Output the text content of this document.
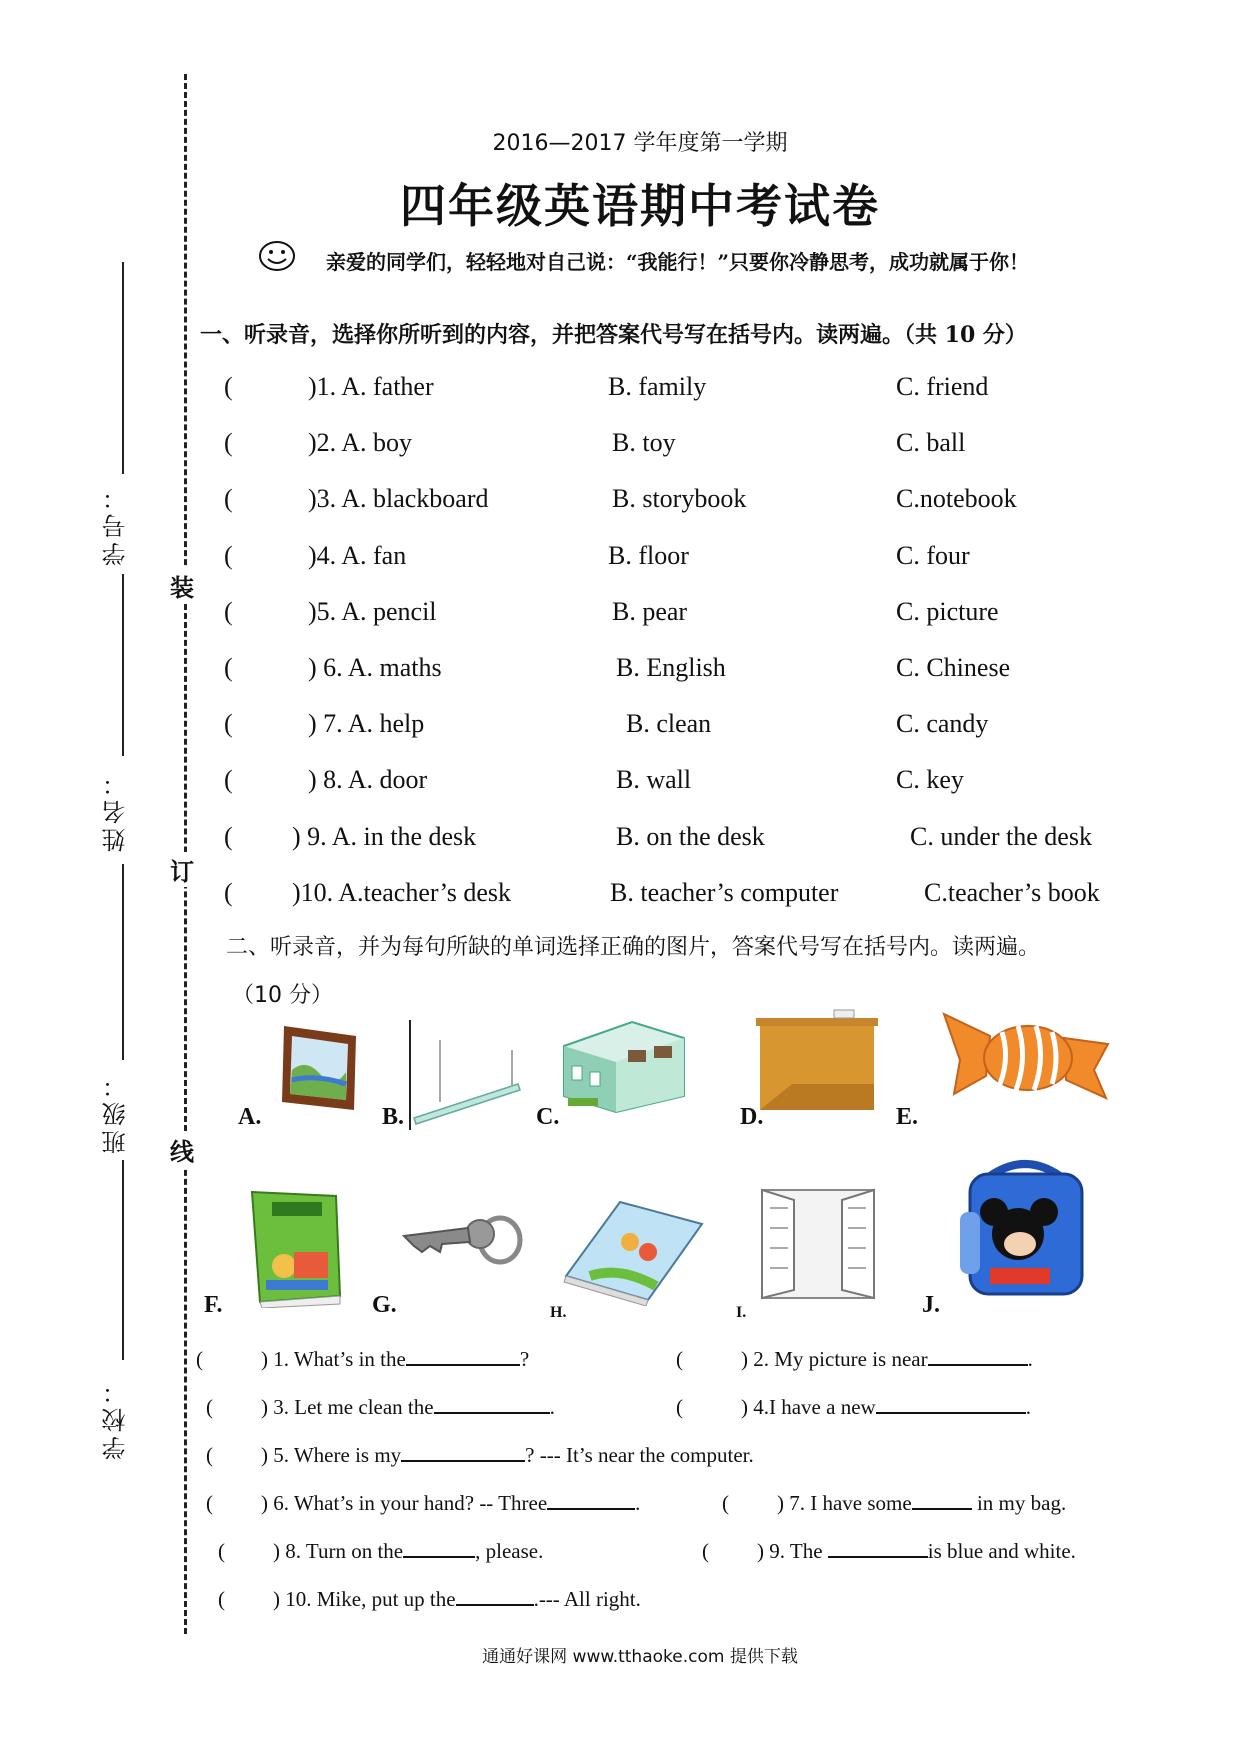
装
订
线
学号：
姓名：
班级：
学校：
2016—2017 学年度第一学期
四年级英语期中考试卷
亲爱的同学们，轻轻地对自己说：“我能行！”只要你冷静思考，成功就属于你！
一、听录音，选择你所听到的内容，并把答案代号写在括号内。读两遍。（共 10 分）
(	)1. A. father	B. family	C. friend
(	)2. A. boy	B. toy	C. ball
(	)3. A. blackboard	B. storybook	C.notebook
(	)4. A. fan	B. floor	C. four
(	)5. A. pencil	B. pear	C. picture
(	) 6. A. maths	B. English	C. Chinese
(	) 7. A. help	B. clean	C. candy
(	) 8. A. door	B. wall	C. key
( ) 9. A. in the desk	B. on the desk	C. under the desk
( )10. A.teacher’s desk	B. teacher’s computer	C.teacher’s book
二、听录音，并为每句所缺的单词选择正确的图片，答案代号写在括号内。读两遍。
（10 分）
A.	B.	C.	D.	E.
F.	G.	H.	I.	J.
(	) 1. What’s in the	?	(	) 2. My picture is near	.
( ) 3. Let me clean the	.	(	) 4.I have a new	.
( ) 5. Where is my	? --- It’s near the computer.
( ) 6. What’s in your hand? -- Three	.	( ) 7. I have some	in my bag.
( ) 8. Turn on the	, please.	( ) 9. The	is blue and white.
( ) 10. Mike, put up the	.--- All right.
通通好课网 www.tthaoke.com 提供下载
